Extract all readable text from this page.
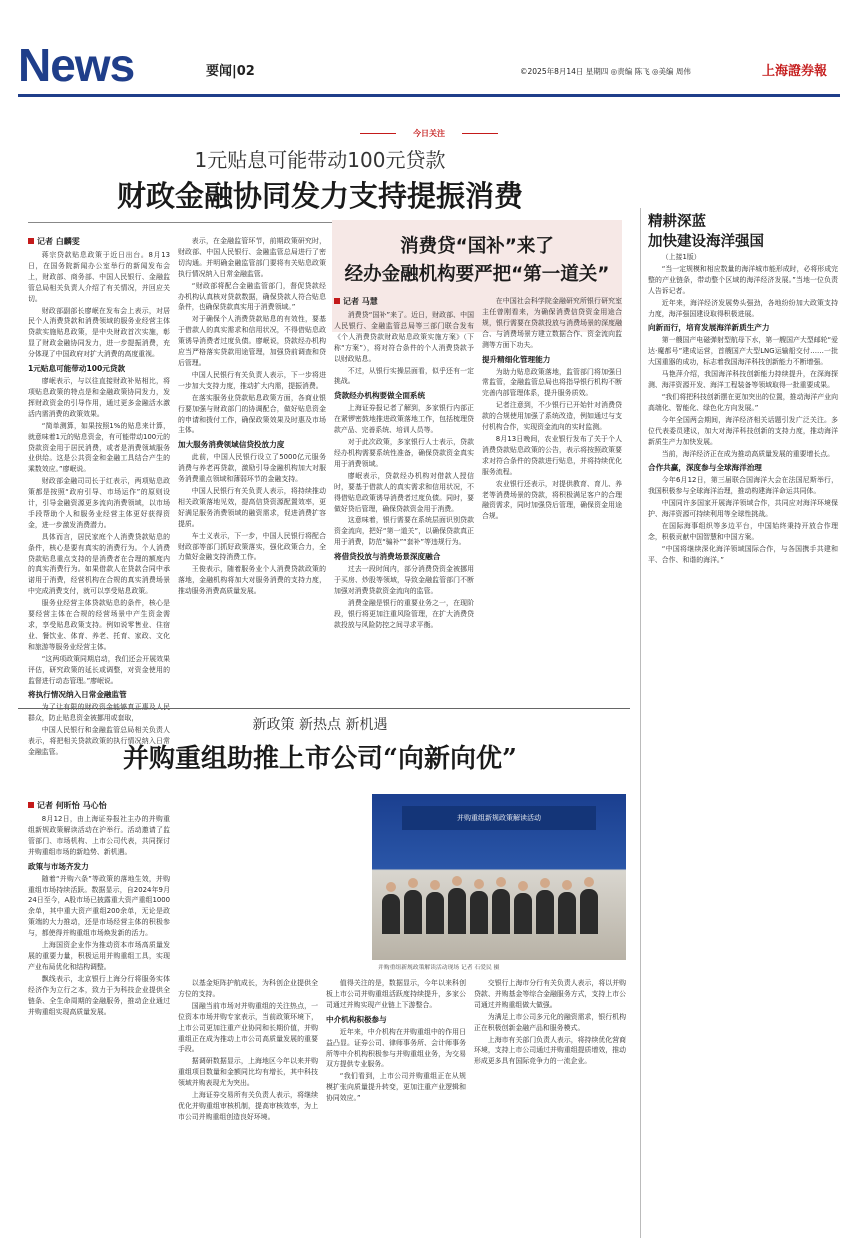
News	要闻|02	©2025年8月14日 星期四 ◎责编 陈飞 ◎美编 周伟	上海證券報
今日关注
1元贴息可能带动100元贷款
财政金融协同发力支持提振消费
记者 白麟雯

蒋宗贷款贴息政策于近日出台。8月13日，在国务院新闻办公室举行的新闻发布会上，财政部、商务部、中国人民银行、金融监管总局相关负责人介绍了有关情况，并回应关切。

财政部副部长廖岷在发布会上表示，对居民个人消费贷款和消费领域的服务业经营主体贷款实施贴息政策，是中央财政首次实施，彰显了财政金融协同发力，进一步提振消费，充分体现了中国政府对扩大消费的高度重视。

1元贴息可能带动100元贷款

廖岷表示，与以往直接财政补贴相比，将项贴息政策的特点是和金融政策协同发力，发挥财政资金的引导作用，通过更多金融活水激活内需消费的政策效果。

“简单测算，如果按照1%的贴息来计算，就意味着1元的贴息资金，有可能带动100元的贷款资金用于居民消费，或者是消费领域服务业供给。这是公共资金和金融工具结合产生的乘数效应。”廖岷说。

财政部金融司司长于红表示，两项贴息政策都是按照“政府引导、市场运作”的原则设计，引导金融资源更多流向消费领域，以市场手段帮助个人和服务业经营主体更好获得资金，进一步激发消费潜力。

具体而言，居民家庭个人消费贷款贴息的条件，核心是要有真实的消费行为。个人消费贷款贴息重点支持的是消费者在合理的额度内的真实消费行为。如果借款人在贷款合同中承诺用于消费，经营机构在合规的真实消费场景中完成消费支付，就可以享受贴息政策。

服务业经营主体贷款贴息的条件，核心是要经营主体在合规的经营场景中产生资金需求，享受贴息政策支持。例如说零售业、住宿业、餐饮业、体育、养老、托育、家政、文化和旅游等服务业经营主体。

“这两项政策同期启动，我们还会开展效果评估，研究政策的延长或调整，对资金使用的监督进行动态管理。”廖岷说。

将执行情况纳入日常金融监管

群众，防止贴息资金被挪用或套取，

中国人民银行和金融监管总局相关负责人表示，将把相关贷款政策的执行情况纳入日常金融监管。

表示，在金融监管环节，前期政策研究时，财政部、中国人民银行、金融监管总局进行了密切沟通。并明确金融监管部门要将有关贴息政策执行情况纳入日常金融监管。

“财政部将配合金融监管部门，督促贷款经办机构认真核对贷款数据，确保贷款人符合贴息条件，也确保贷款真实用于消费领域。”

对于确保个人消费贷款贴息的有效性，要基于借款人的真实需求和信用状况，不得借贴息政策诱导消费者过度负债。廖岷说，贷款经办机构应当严格落实贷款用途管理，加强贷前调查和贷后管理。

中国人民银行有关负责人表示，下一步将进一步加大支持力度，推动扩大内需，提振消费。

在落实服务业贷款贴息政策方面，各商业银行要加强与财政部门的协调配合，做好贴息资金的申请和拨付工作，确保政策效果及时惠及市场主体。

加大服务消费领域信贷投放力度

此前，中国人民银行设立了5000亿元服务消费与养老再贷款，激励引导金融机构加大对服务消费重点领域和薄弱环节的金融支持。

中国人民银行有关负责人表示，将持续推动相关政策落地见效，提高信贷资源配置效率，更好满足服务消费领域的融资需求，促进消费扩容提质。

车士义表示，下一步，中国人民银行将配合财政部等部门抓好政策落实，强化政策合力，全力做好金融支持消费工作。

王俊表示，随着服务业个人消费贷款政策的落地，金融机构将加大对服务消费的支持力度，推动服务消费高质量发展。

消费贷“国补”来了
经办金融机构要严把“第一道关”
记者 马慧

消费贷“国补”来了。近日，财政部、中国人民银行、金融监管总局等三部门联合发布《个人消费贷款财政贴息政策实施方案》（下称“方案”），将对符合条件的个人消费贷款予以财政贴息。

不过，从银行实操层面看，似乎还有一定挑战。

贷款经办机构要做全面系统

上海证券报记者了解到，多家银行内部正在紧锣密鼓地推进政策落地工作，包括梳理贷款产品、完善系统、培训人员等。

对于此次政策，多家银行人士表示，贷款经办机构需要系统性准备，确保贷款资金真实用于消费领域。

廖岷表示，贷款经办机构对借款人授信时，要基于借款人的真实需求和信用状况，不得借贴息政策诱导消费者过度负债。同时，要做好贷后管理，确保贷款资金用于消费。

这意味着，银行需要在系统层面识别贷款资金流向，把好“第一道关”，以确保贷款真正用于消费，防范“骗补”“套补”等违规行为。

将借贷投放与消费场景深度融合

过去一段时间内，部分消费贷资金被挪用于买房、炒股等领域，导致金融监管部门不断加强对消费贷款资金流向的监管。

消费金融是银行的重要业务之一，在现阶段，银行将更加注重风险管理，在扩大消费贷款投放与风险防控之间寻求平衡。

在中国社会科学院金融研究所银行研究室主任曾刚看来，为确保消费信贷资金用途合规，银行需要在贷款投放与消费场景的深度融合、与消费场景方建立数据合作、资金流向监测等方面下功夫。

提升精细化管理能力

为助力贴息政策落地，监管部门将加强日常监管，金融监管总局也将指导银行机构不断完善内部管理体系，提升服务质效。

记者注意到，不少银行已开始针对消费贷款的合规使用加强了系统改造，例如通过与支付机构合作，实现资金流向的实时监测。

8月13日晚间，农业银行发布了关于个人消费贷款贴息政策的公告，表示将按照政策要求对符合条件的贷款进行贴息，并将持续优化服务流程。

农业银行还表示，对提供教育、育儿、养老等消费场景的贷款，将积极满足客户的合理融资需求，同时加强贷后管理，确保资金用途合规。

精耕深蓝
加快建设海洋强国

（上接1版）

“当一定规模和相应数量的海洋城市能形成时，必将形成完整的产业链条，带动整个区域的海洋经济发展。”当地一位负责人告诉记者。

近年来，海洋经济发展势头强劲，各地纷纷加大政策支持力度，海洋强国建设取得积极进展。

向新而行，培育发展海洋新质生产力

第一艘国产电磁弹射型航母下水，第一艘国产大型邮轮“爱达·魔都号”建成运营，首艘国产大型LNG运输船交付……一批大国重器的成功，标志着我国海洋科技创新能力不断增强。

马艳萍介绍，我国海洋科技创新能力持续提升，在深海探测、海洋资源开发、海洋工程装备等领域取得一批重要成果。

“我们将把科技创新摆在更加突出的位置，推动海洋产业向高端化、智能化、绿色化方向发展。”

今年全国两会期间，海洋经济相关话题引发广泛关注。多位代表委员建议，加大对海洋科技创新的支持力度，推动海洋新质生产力加快发展。

当前，海洋经济正在成为推动高质量发展的重要增长点。

合作共赢，深度参与全球海洋治理

今年6月12日，第三届联合国海洋大会在法国尼斯举行，我国积极参与全球海洋治理，推动构建海洋命运共同体。

中国同许多国家开展海洋领域合作，共同应对海洋环境保护、海洋资源可持续利用等全球性挑战。

在国际海事组织等多边平台，中国始终秉持开放合作理念，积极贡献中国智慧和中国方案。

“中国将继续深化海洋领域国际合作，与各国携手共建和平、合作、和谐的海洋。”

新政策 新热点 新机遇
并购重组助推上市公司“向新向优”
记者 何昕怡 马心怡

8月12日，由上海证券报社主办的并购重组新规政策解读活动在沪举行。活动邀请了监管部门、市场机构、上市公司代表，共同探讨并购重组市场的新趋势、新机遇。

政策与市场齐发力

随着“并购六条”等政策的落地生效，并购重组市场持续活跃。数据显示，自2024年9月24日至今，A股市场已披露重大资产重组1000余单，其中重大资产重组200余单，无论是政策端的大力推动，还是市场经营主体的积极参与，都使得并购重组市场焕发新的活力。

上海国资企业作为推动资本市场高质量发展的重要力量，积极运用并购重组工具，实现产业布局优化和结构调整。

飘线表示，北京银行上海分行将服务实体经济作为立行之本，致力于为科技企业提供全链条、全生命周期的金融服务，推动企业通过并购重组实现高质量发展。

以基金矩阵护航成长，为科创企业提供全方位的支持。

国融当前市场对并购重组的关注热点，一位资本市场并购专家表示，当前政策环境下，上市公司更加注重产业协同和长期价值，并购重组正在成为推动上市公司高质量发展的重要手段。

据调研数据显示，上海地区今年以来并购重组项目数量和金额同比均有增长，其中科技领域并购表现尤为突出。

上海证券交易所有关负责人表示，将继续优化并购重组审核机制，提高审核效率，为上市公司并购重组创造良好环境。

值得关注的是，数据显示，今年以来科创板上市公司并购重组活跃度持续提升，多家公司通过并购实现产业链上下游整合。

中介机构积极参与

近年来，中介机构在并购重组中的作用日益凸显。证券公司、律师事务所、会计师事务所等中介机构积极参与并购重组业务，为交易双方提供专业服务。

“我们看到，上市公司并购重组正在从规模扩张向质量提升转变，更加注重产业逻辑和协同效应。”

交银行上海市分行有关负责人表示，将以并购贷款、并购基金等综合金融服务方式，支持上市公司通过并购重组做大做强。

为满足上市公司多元化的融资需求，银行机构正在积极创新金融产品和服务模式。

上海市有关部门负责人表示，将持续优化营商环境，支持上市公司通过并购重组提质增效，推动形成更多具有国际竞争力的一流企业。

并购重组新规政策解读活动
并购重组新规政策解读活动现场 记者 石爱民 摄
